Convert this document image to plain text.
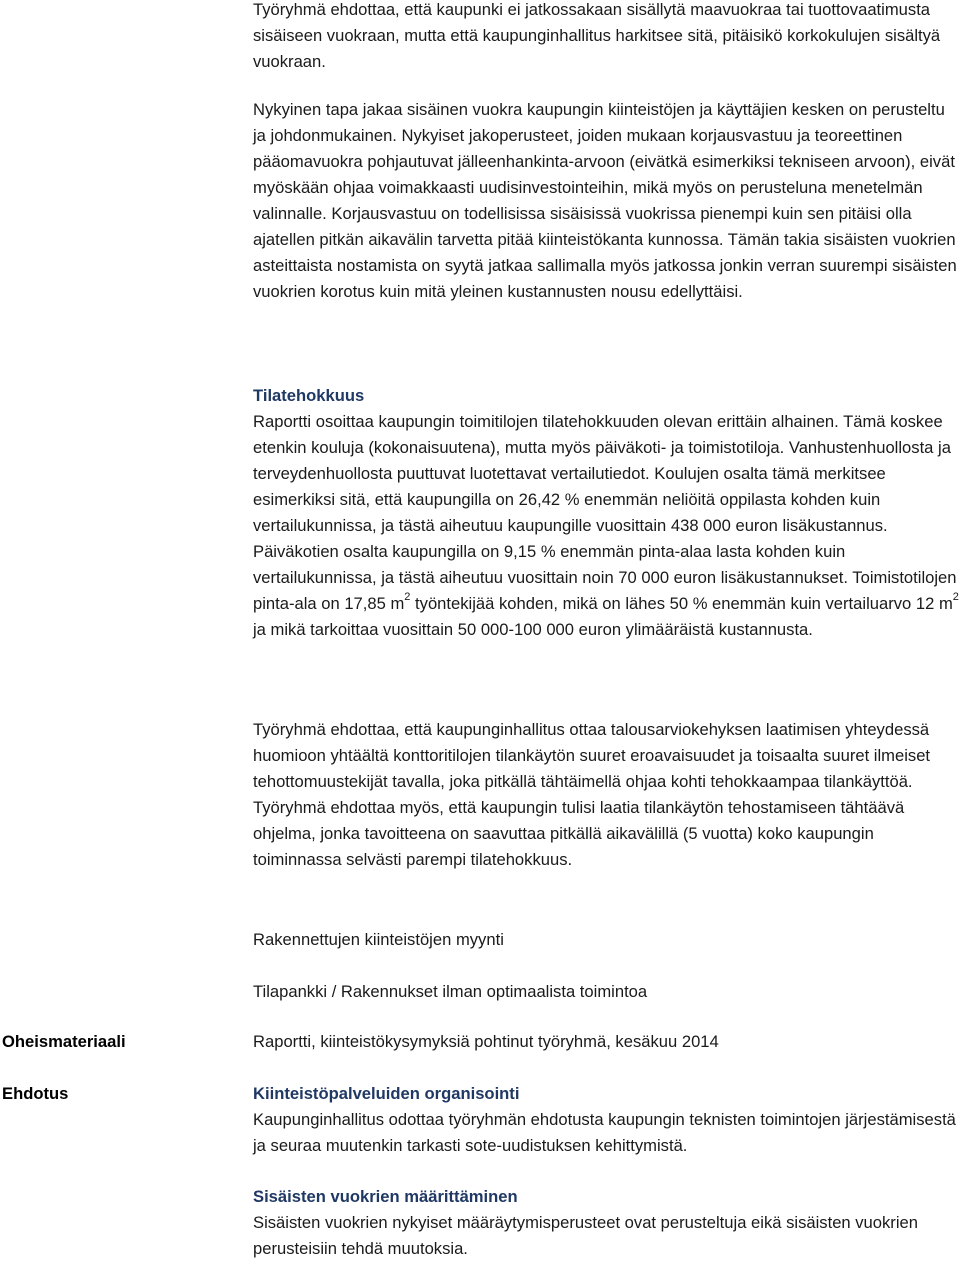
Työryhmä ehdottaa, että kaupunki ei jatkossakaan sisällytä maavuokraa tai tuottovaatimusta sisäiseen vuokraan, mutta että kaupunginhallitus harkitsee sitä, pitäisikö korkokulujen sisältyä vuokraan.

Nykyinen tapa jakaa sisäinen vuokra kaupungin kiinteistöjen ja käyttäjien kesken on perusteltu ja johdonmukainen. Nykyiset jakoperusteet, joiden mukaan korjausvastuu ja teoreettinen pääomavuokra pohjautuvat jälleenhankinta-arvoon (eivätkä esimerkiksi tekniseen arvoon), eivät myöskään ohjaa voimakkaasti uudisinvestointeihin, mikä myös on perusteluna menetelmän valinnalle. Korjausvastuu on todellisissa sisäisissä vuokrissa pienempi kuin sen pitäisi olla ajatellen pitkän aikavälin tarvetta pitää kiinteistökanta kunnossa. Tämän takia sisäisten vuokrien asteittaista nostamista on syytä jatkaa sallimalla myös jatkossa jonkin verran suurempi sisäisten vuokrien korotus kuin mitä yleinen kustannusten nousu edellyttäisi.

Tilatehokkuus

Raportti osoittaa kaupungin toimitilojen tilatehokkuuden olevan erittäin alhainen. Tämä koskee etenkin kouluja (kokonaisuutena), mutta myös päiväkoti- ja toimistotiloja. Vanhustenhuollosta ja terveydenhuollosta puuttuvat luotettavat vertailutiedot. Koulujen osalta tämä merkitsee esimerkiksi sitä, että kaupungilla on 26,42 % enemmän neliöitä oppilasta kohden kuin vertailukunnissa, ja tästä aiheutuu kaupungille vuosittain 438 000 euron lisäkustannus. Päiväkotien osalta kaupungilla on 9,15 % enemmän pinta-alaa lasta kohden kuin vertailukunnissa, ja tästä aiheutuu vuosittain noin 70 000 euron lisäkustannukset. Toimistotilojen pinta-ala on 17,85 $m^2$ työntekijää kohden, mikä on lähes 50 % enemmän kuin vertailuarvo 12 $m^2$ ja mikä tarkoittaa vuosittain 50 000-100 000 euron ylimääräistä kustannusta.

Työryhmä ehdottaa, että kaupunginhallitus ottaa talousarviokehyksen laatimisen yhteydessä huomioon yhtäältä konttoritilojen tilankäytön suuret eroavaisuudet ja toisaalta suuret ilmeiset tehottomuustekijät tavalla, joka pitkällä tähtäimellä ohjaa kohti tehokkaampaa tilankäyttöä. Työryhmä ehdottaa myös, että kaupungin tulisi laatia tilankäytön tehostamiseen tähtäävä ohjelma, jonka tavoitteena on saavuttaa pitkällä aikavälillä (5 vuotta) koko kaupungin toiminnassa selvästi parempi tilatehokkuus.

Rakennettujen kiinteistöjen myynti

Tilapankki / Rakennukset ilman optimaalista toimintoa

Oheismateriaali	Raportti, kiinteistökysymyksiä pohtinut työryhmä, kesäkuu 2014

Ehdotus	Kiinteistöpalveluiden organisointi

Kaupunginhallitus odottaa työryhmän ehdotusta kaupungin teknisten toimintojen järjestämisestä ja seuraa muutenkin tarkasti sote-uudistuksen kehittymistä.

Sisäisten vuokrien määrittäminen

Sisäisten vuokrien nykyiset määräytymisperusteet ovat perusteltuja eikä sisäisten vuokrien perusteisiin tehdä muutoksia.
